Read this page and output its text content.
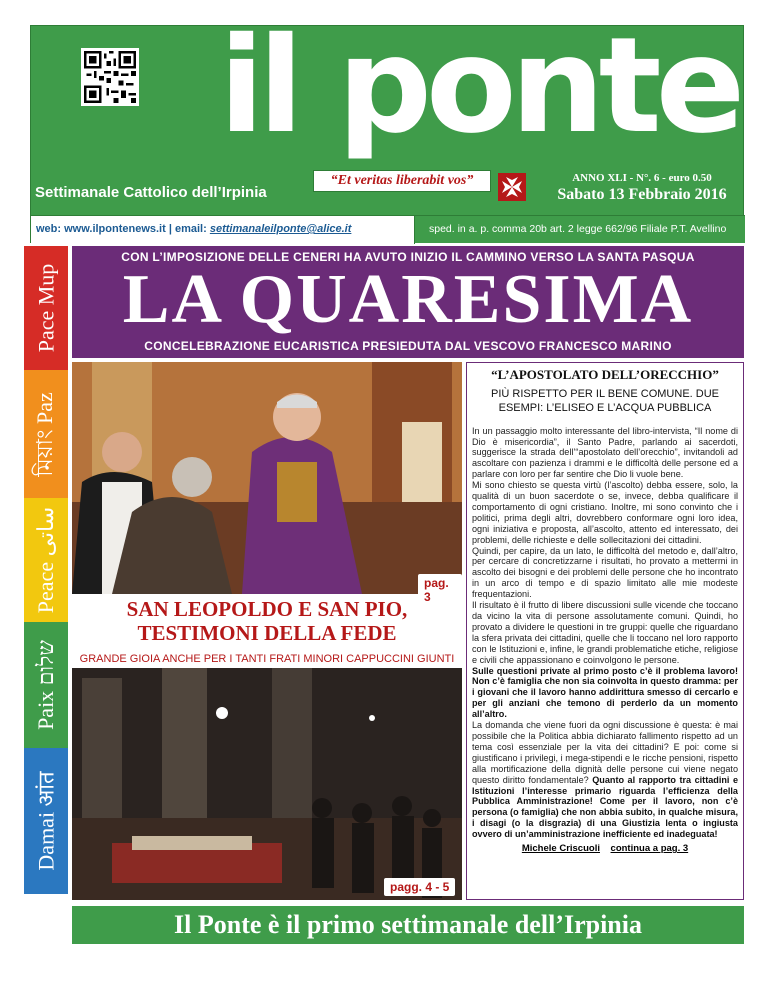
il ponte
Settimanale Cattolico dell’Irpinia
“Et veritas liberabit vos”	ANNO XLI - N°. 6 - euro 0.50
Sabato 13 Febbraio 2016
web: www.ilpontenews.it | email: settimanaleilponte@alice.it	sped. in a. p. comma 20b art. 2 legge 662/96 Filiale P.T. Avellino
Pace Mup
মিয়াং Paz
Peace ساتی
Paix שלום
Damai आंत
CON L’IMPOSIZIONE DELLE CENERI HA AVUTO INIZIO IL CAMMINO VERSO LA SANTA PASQUA
LA QUARESIMA
CONCELEBRAZIONE EUCARISTICA PRESIEDUTA DAL VESCOVO FRANCESCO MARINO
pag. 3
SAN LEOPOLDO E SAN PIO, TESTIMONI DELLA FEDE
GRANDE GIOIA ANCHE PER I TANTI FRATI MINORI CAPPUCCINI GIUNTI
pagg. 4 - 5
“L’APOSTOLATO DELL’ORECCHIO”
PIÙ RISPETTO PER IL BENE COMUNE. DUE ESEMPI: L’ELISEO E L’ACQUA PUBBLICA

In un passaggio molto interessante del libro-intervista, “Il nome di Dio è misericordia”, il Santo Padre, parlando ai sacerdoti, suggerisce la strada dell’“apostolato dell’orecchio”, invitandoli ad ascoltare con pazienza i drammi e le difficoltà delle persone ed a parlare con loro per far sentire che Dio li vuole bene.

Mi sono chiesto se questa virtù (l’ascolto) debba essere, solo, la qualità di un buon sacerdote o se, invece, debba qualificare il comportamento di ogni cristiano. Inoltre, mi sono convinto che i politici, prima degli altri, dovrebbero conformare ogni loro idea, ogni iniziativa e proposta, all’ascolto, attento ed interessato, dei problemi, delle richieste e delle sollecitazioni dei cittadini.

Quindi, per capire, da un lato, le difficoltà del metodo e, dall’altro, per cercare di concretizzarne i risultati, ho provato a mettermi in ascolto dei bisogni e dei problemi delle persone che ho incontrato in un arco di tempo e di spazio limitato alle mie modeste frequentazioni.

Il risultato è il frutto di libere discussioni sulle vicende che toccano da vicino la vita di persone assolutamente comuni. Quindi, ho provato a dividere le questioni in tre gruppi: quelle che riguardano la sfera privata dei cittadini, quelle che li toccano nel loro rapporto con le Istituzioni e, infine, le grandi problematiche etiche, religiose e civili che appassionano e coinvolgono le persone.

Sulle questioni private al primo posto c’è il problema lavoro! Non c’è famiglia che non sia coinvolta in questo dramma: per i giovani che il lavoro hanno addirittura smesso di cercarlo e per gli anziani che temono di perderlo da un momento all’altro.

La domanda che viene fuori da ogni discussione è questa: è mai possibile che la Politica abbia dichiarato fallimento rispetto ad un tema così essenziale per la vita dei cittadini? E poi: come si giustificano i privilegi, i mega-stipendi e le ricche pensioni, rispetto alla mortificazione della dignità delle persone cui viene negato questo diritto fondamentale? Quanto al rapporto tra cittadini e Istituzioni l’interesse primario riguarda l’efficienza della Pubblica Amministrazione! Come per il lavoro, non c’è persona (o famiglia) che non abbia subito, in qualche misura, i disagi (o la disgrazia) di una Giustizia lenta o ingiusta ovvero di un’amministrazione inefficiente ed inadeguata!

Michele Criscuoli continua a pag. 3
Il Ponte è il primo settimanale dell’Irpinia
